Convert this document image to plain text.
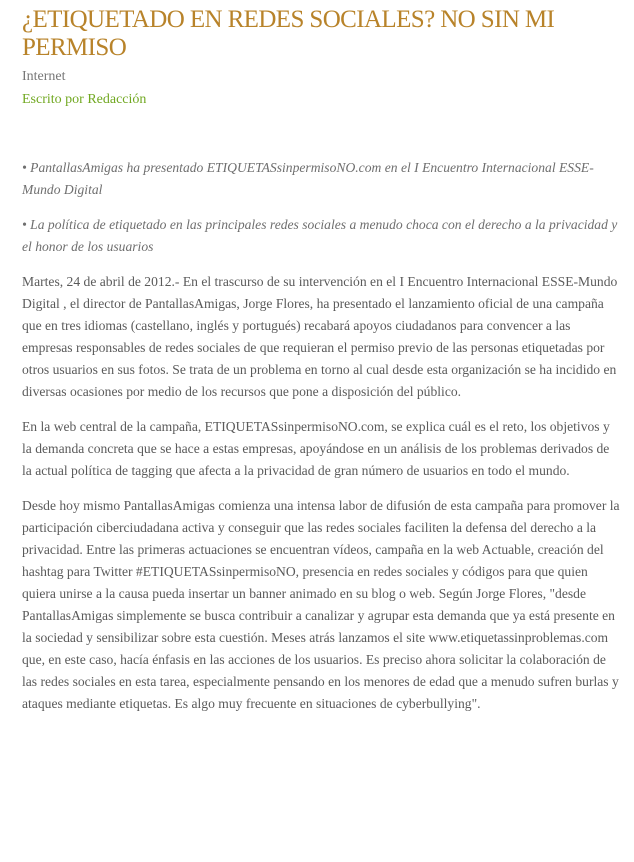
¿ETIQUETADO EN REDES SOCIALES? NO SIN MI PERMISO
Internet
Escrito por Redacción

• PantallasAmigas ha presentado ETIQUETASsinpermisoNO.com en el I Encuentro Internacional ESSE-Mundo Digital

• La política de etiquetado en las principales redes sociales a menudo choca con el derecho a la privacidad y el honor de los usuarios

Martes, 24 de abril de 2012.- En el trascurso de su intervención en el I Encuentro Internacional ESSE-Mundo Digital , el director de PantallasAmigas, Jorge Flores, ha presentado el lanzamiento oficial de una campaña que en tres idiomas (castellano, inglés y portugués) recabará apoyos ciudadanos para convencer a las empresas responsables de redes sociales de que requieran el permiso previo de las personas etiquetadas por otros usuarios en sus fotos. Se trata de un problema en torno al cual desde esta organización se ha incidido en diversas ocasiones por medio de los recursos que pone a disposición del público.

En la web central de la campaña, ETIQUETASsinpermisoNO.com, se explica cuál es el reto, los objetivos y la demanda concreta que se hace a estas empresas, apoyándose en un análisis de los problemas derivados de la actual política de tagging que afecta a la privacidad de gran número de usuarios en todo el mundo.

Desde hoy mismo PantallasAmigas comienza una intensa labor de difusión de esta campaña para promover la participación ciberciudadana activa y conseguir que las redes sociales faciliten la defensa del derecho a la privacidad. Entre las primeras actuaciones se encuentran vídeos, campaña en la web Actuable, creación del hashtag para Twitter #ETIQUETASsinpermisoNO, presencia en redes sociales y códigos para que quien quiera unirse a la causa pueda insertar un banner animado en su blog o web. Según Jorge Flores, "desde PantallasAmigas simplemente se busca contribuir a canalizar y agrupar esta demanda que ya está presente en la sociedad y sensibilizar sobre esta cuestión. Meses atrás lanzamos el site www.etiquetassinproblemas.com que, en este caso, hacía énfasis en las acciones de los usuarios. Es preciso ahora solicitar la colaboración de las redes sociales en esta tarea, especialmente pensando en los menores de edad que a menudo sufren burlas y ataques mediante etiquetas. Es algo muy frecuente en situaciones de cyberbullying".
